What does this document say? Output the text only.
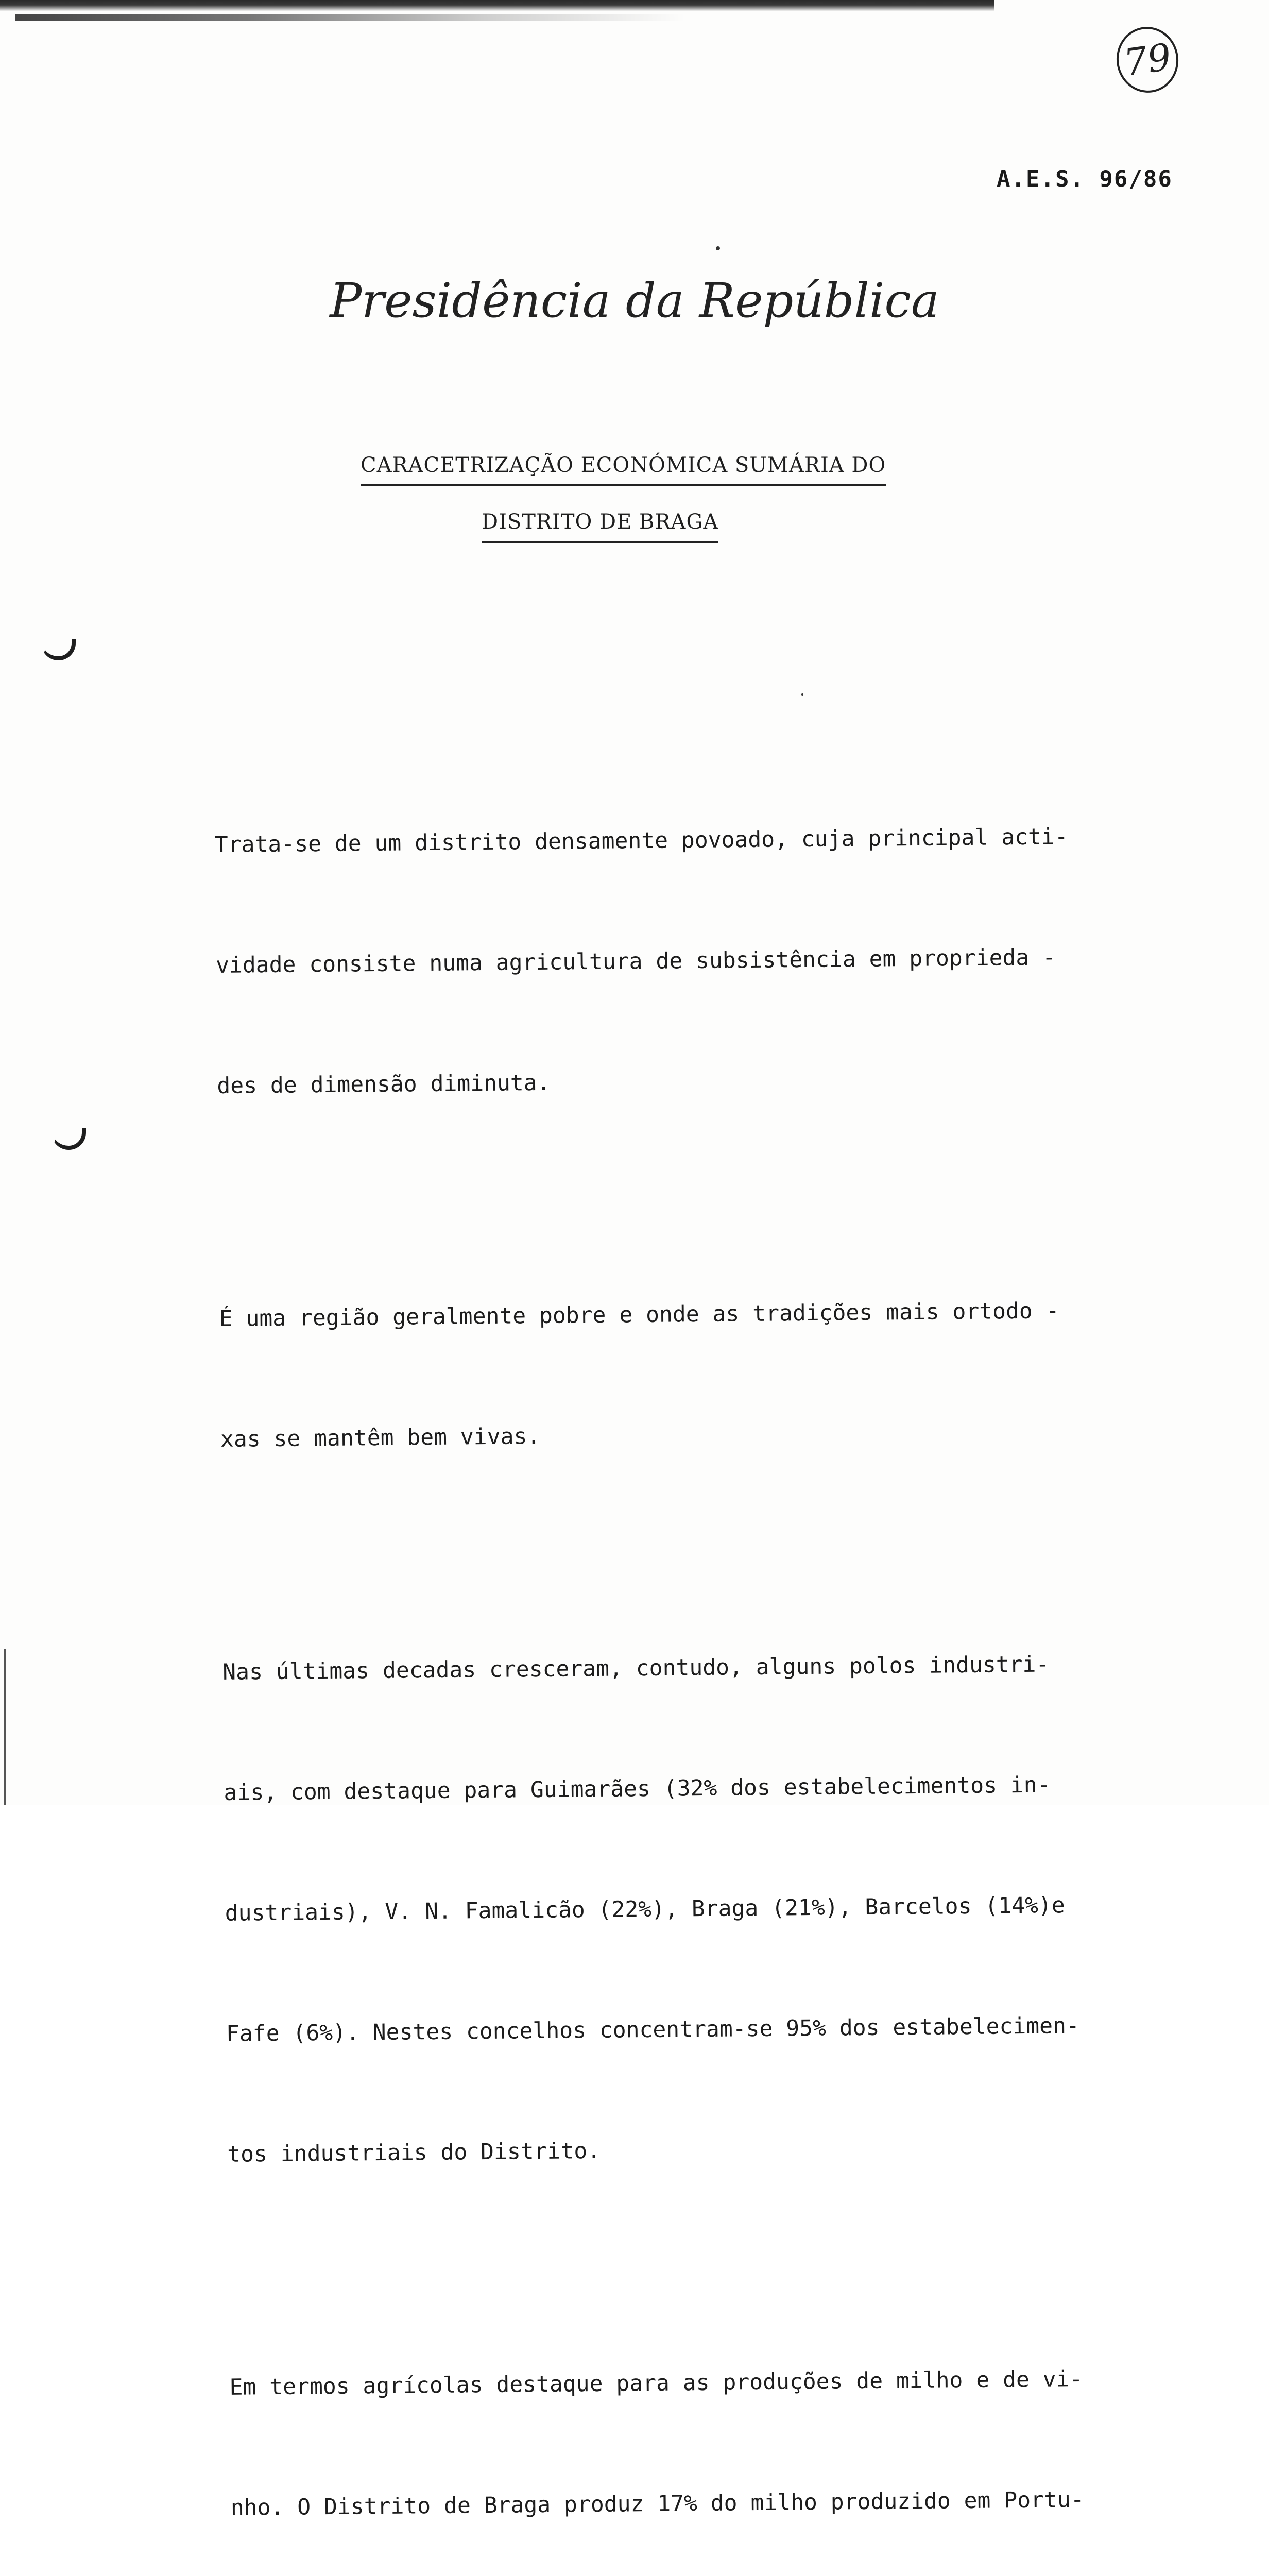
79
A.E.S. 96/86
Presidência da República
CARACETRIZAÇÃO ECONÓMICA SUMÁRIA DO
DISTRITO DE BRAGA

Trata-se de um distrito densamente povoado, cuja principal acti-

vidade consiste numa agricultura de subsistência em proprieda -

des de dimensão diminuta.

É uma região geralmente pobre e onde as tradições mais ortodo -

xas se mantêm bem vivas.

Nas últimas decadas cresceram, contudo, alguns polos industri-

ais, com destaque para Guimarães (32% dos estabelecimentos in-

dustriais), V. N. Famalicão (22%), Braga (21%), Barcelos (14%)e

Fafe (6%). Nestes concelhos concentram-se 95% dos estabelecimen-

tos industriais do Distrito.

Em termos agrícolas destaque para as produções de milho e de vi-

nho. O Distrito de Braga produz 17% do milho produzido em Portu-
